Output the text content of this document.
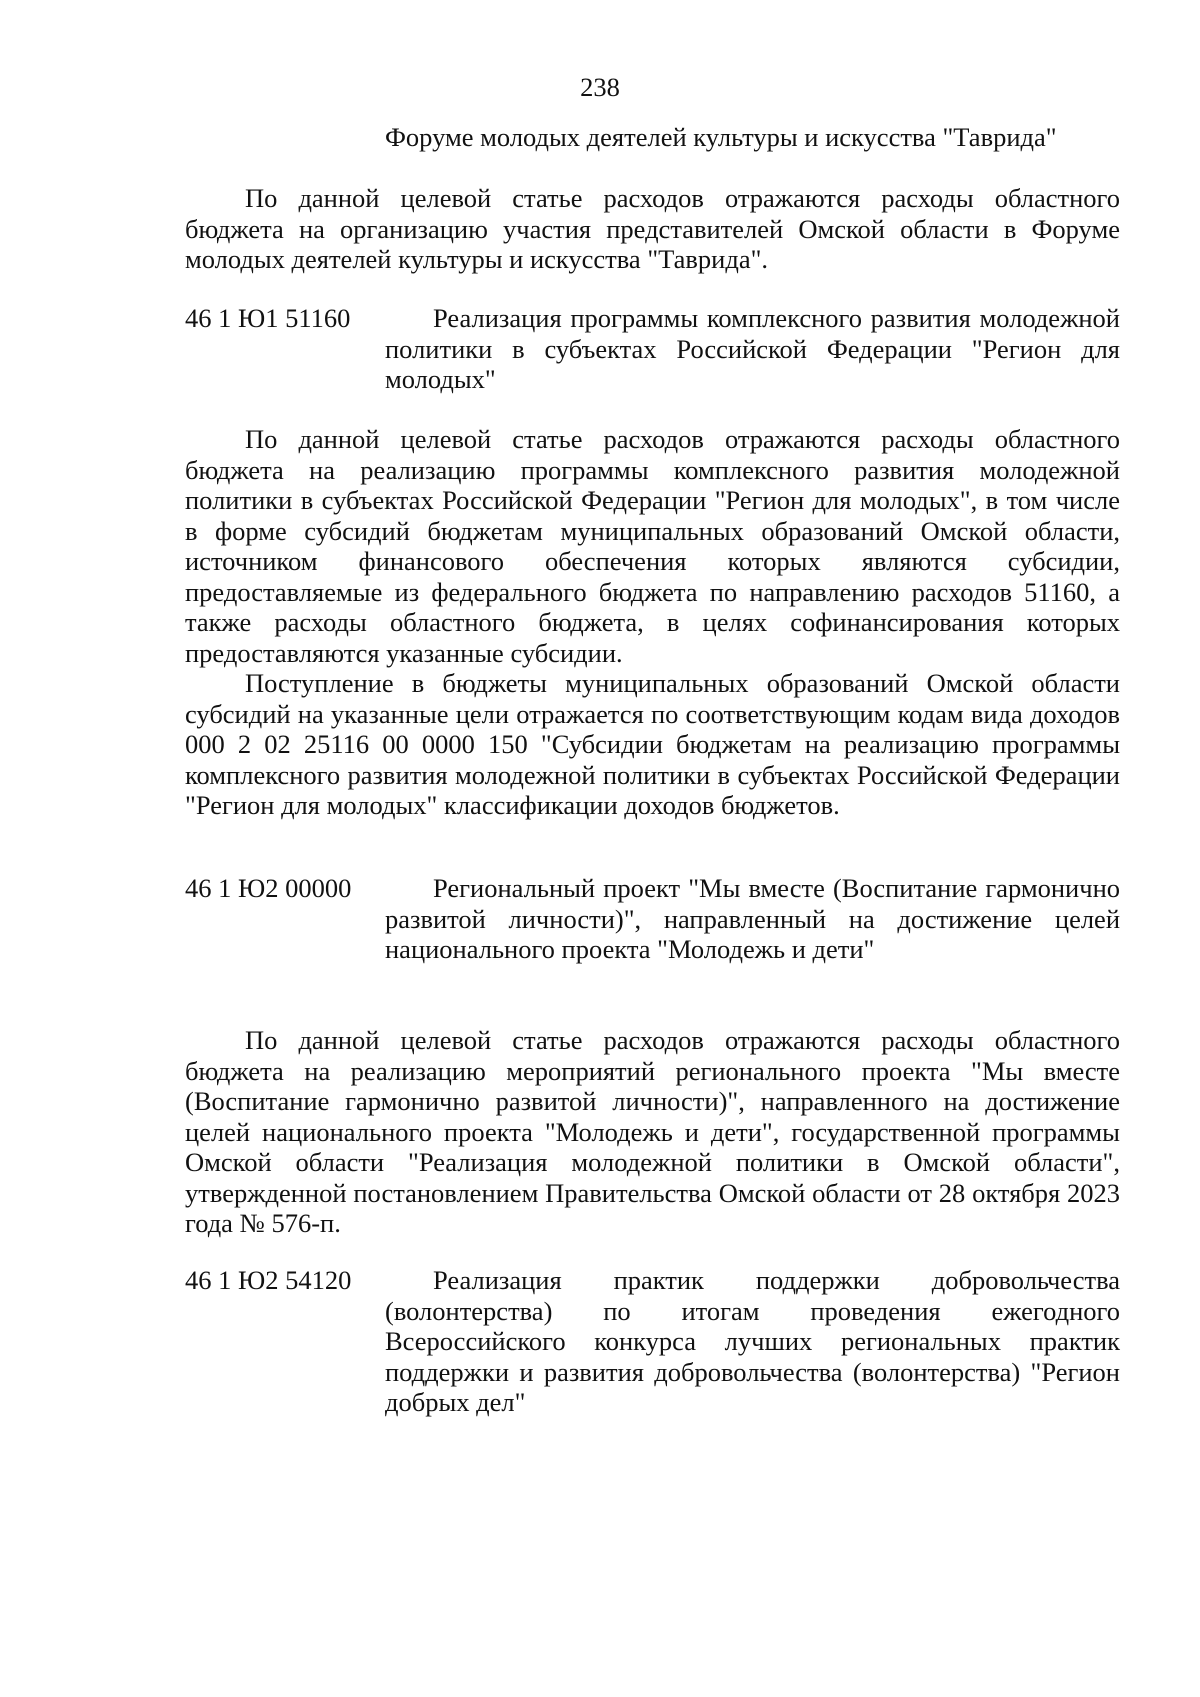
238
Форуме молодых деятелей культуры и искусства "Таврида"

По данной целевой статье расходов отражаются расходы областного бюджета на организацию участия представителей Омской области в Форуме молодых деятелей культуры и искусства "Таврида".

46 1 Ю1 51160	Реализация программы комплексного развития молодежной политики в субъектах Российской Федерации "Регион для молодых"

По данной целевой статье расходов отражаются расходы областного бюджета на реализацию программы комплексного развития молодежной политики в субъектах Российской Федерации "Регион для молодых", в том числе в форме субсидий бюджетам муниципальных образований Омской области, источником финансового обеспечения которых являются субсидии, предоставляемые из федерального бюджета по направлению расходов 51160, а также расходы областного бюджета, в целях софинансирования которых предоставляются указанные субсидии.

Поступление в бюджеты муниципальных образований Омской области субсидий на указанные цели отражается по соответствующим кодам вида доходов 000 2 02 25116 00 0000 150 "Субсидии бюджетам на реализацию программы комплексного развития молодежной политики в субъектах Российской Федерации "Регион для молодых" классификации доходов бюджетов.

46 1 Ю2 00000	Региональный проект "Мы вместе (Воспитание гармонично развитой личности)", направленный на достижение целей национального проекта "Молодежь и дети"

По данной целевой статье расходов отражаются расходы областного бюджета на реализацию мероприятий регионального проекта "Мы вместе (Воспитание гармонично развитой личности)", направленного на достижение целей национального проекта "Молодежь и дети", государственной программы Омской области "Реализация молодежной политики в Омской области", утвержденной постановлением Правительства Омской области от 28 октября 2023 года № 576-п.

46 1 Ю2 54120	Реализация практик поддержки добровольчества (волонтерства) по итогам проведения ежегодного Всероссийского конкурса лучших региональных практик поддержки и развития добровольчества (волонтерства) "Регион добрых дел"
